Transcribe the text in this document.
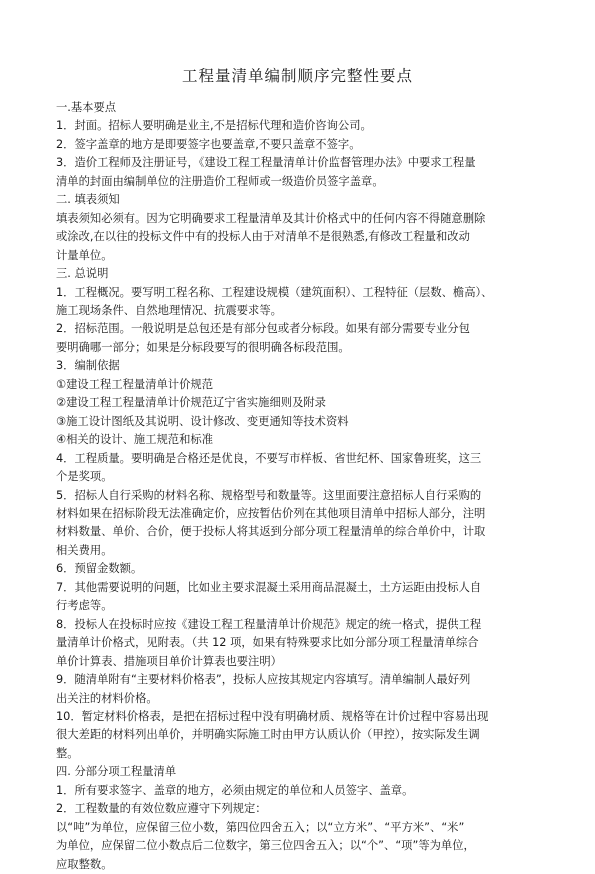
工程量清单编制顺序完整性要点

一.基本要点

1．封面。招标人要明确是业主,不是招标代理和造价咨询公司。

2．签字盖章的地方是即要签字也要盖章,不要只盖章不签字。

3．造价工程师及注册证号，《建设工程工程量清单计价监督管理办法》中要求工程量

清单的封面由编制单位的注册造价工程师或一级造价员签字盖章。

二. 填表须知

填表须知必须有。因为它明确要求工程量清单及其计价格式中的任何内容不得随意删除

或涂改,在以往的投标文件中有的投标人由于对清单不是很熟悉,有修改工程量和改动

计量单位。

三. 总说明

1．工程概况。要写明工程名称、工程建设规模（建筑面积）、工程特征（层数、檐高）、

施工现场条件、自然地理情况、抗震要求等。

2．招标范围。一般说明是总包还是有部分包或者分标段。如果有部分需要专业分包

要明确哪一部分；如果是分标段要写的很明确各标段范围。

3．编制依据

①建设工程工程量清单计价规范

②建设工程工程量清单计价规范辽宁省实施细则及附录

③施工设计图纸及其说明、设计修改、变更通知等技术资料

④相关的设计、施工规范和标准

4．工程质量。要明确是合格还是优良，不要写市样板、省世纪杯、国家鲁班奖，这三

个是奖项。

5．招标人自行采购的材料名称、规格型号和数量等。这里面要注意招标人自行采购的

材料如果在招标阶段无法准确定价，应按暂估价列在其他项目清单中招标人部分，注明

材料数量、单价、合价，便于投标人将其返到分部分项工程量清单的综合单价中，计取

相关费用。

6．预留金数额。

7．其他需要说明的问题，比如业主要求混凝土采用商品混凝土，土方运距由投标人自

行考虑等。

8．投标人在投标时应按《建设工程工程量清单计价规范》规定的统一格式，提供工程

量清单计价格式，见附表。（共 12 项，如果有特殊要求比如分部分项工程量清单综合

单价计算表、措施项目单价计算表也要注明）

9．随清单附有“主要材料价格表”，投标人应按其规定内容填写。清单编制人最好列

出关注的材料价格。

10．暂定材料价格表，是把在招标过程中没有明确材质、规格等在计价过程中容易出现

很大差距的材料列出单价，并明确实际施工时由甲方认质认价（甲控），按实际发生调

整。

四. 分部分项工程量清单

1．所有要求签字、盖章的地方，必须由规定的单位和人员签字、盖章。

2．工程数量的有效位数应遵守下列规定：

以“吨”为单位，应保留三位小数，第四位四舍五入；以“立方米”、“平方米”、“米”

为单位，应保留二位小数点后二位数字，第三位四舍五入；以“个”、“项”等为单位，

应取整数。
